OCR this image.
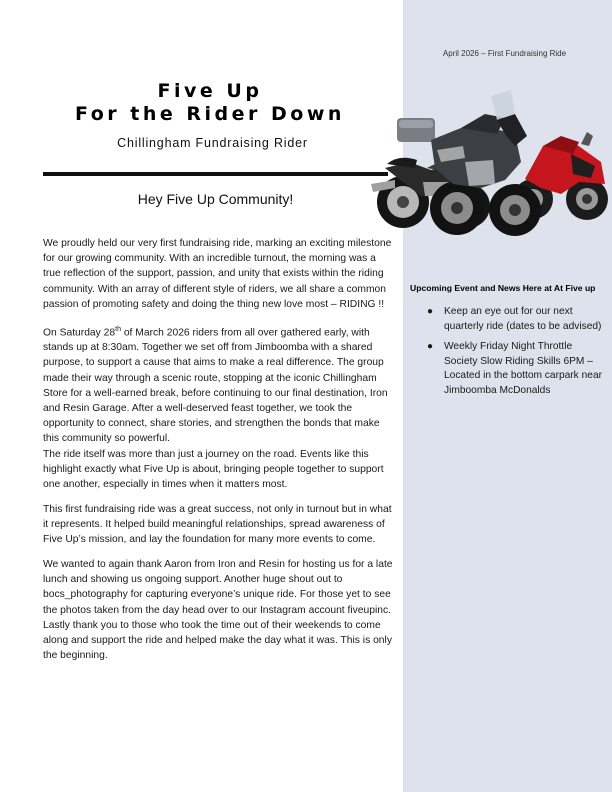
April 2026 – First Fundraising Ride
Five Up
For the Rider Down
Chillingham Fundraising Rider
Hey Five Up Community!

We proudly held our very first fundraising ride, marking an exciting milestone for our growing community. With an incredible turnout, the morning was a true reflection of the support, passion, and unity that exists within the riding community. With an array of different style of riders, we all share a common passion of promoting safety and doing the thing new love most – RIDING !!

On Saturday 28th of March 2026 riders from all over gathered early, with stands up at 8:30am. Together we set off from Jimboomba with a shared purpose, to support a cause that aims to make a real difference. The group made their way through a scenic route, stopping at the iconic Chillingham Store for a well-earned break, before continuing to our final destination, Iron and Resin Garage. After a well-deserved feast together, we took the opportunity to connect, share stories, and strengthen the bonds that make this community so powerful.

The ride itself was more than just a journey on the road. Events like this highlight exactly what Five Up is about, bringing people together to support one another, especially in times when it matters most.

This first fundraising ride was a great success, not only in turnout but in what it represents. It helped build meaningful relationships, spread awareness of Five Up’s mission, and lay the foundation for many more events to come.

We wanted to again thank Aaron from Iron and Resin for hosting us for a late lunch and showing us ongoing support. Another huge shout out to bocs_photography for capturing everyone’s unique ride. For those yet to see the photos taken from the day head over to our Instagram account fiveupinc.

Lastly thank you to those who took the time out of their weekends to come along and support the ride and helped make the day what it was. This is only the beginning.

Upcoming Event and News Here at At Five up
● Keep an eye out for our next quarterly ride (dates to be advised)
● Weekly Friday Night Throttle Society Slow Riding Skills 6PM – Located in the bottom carpark near Jimboomba McDonalds
